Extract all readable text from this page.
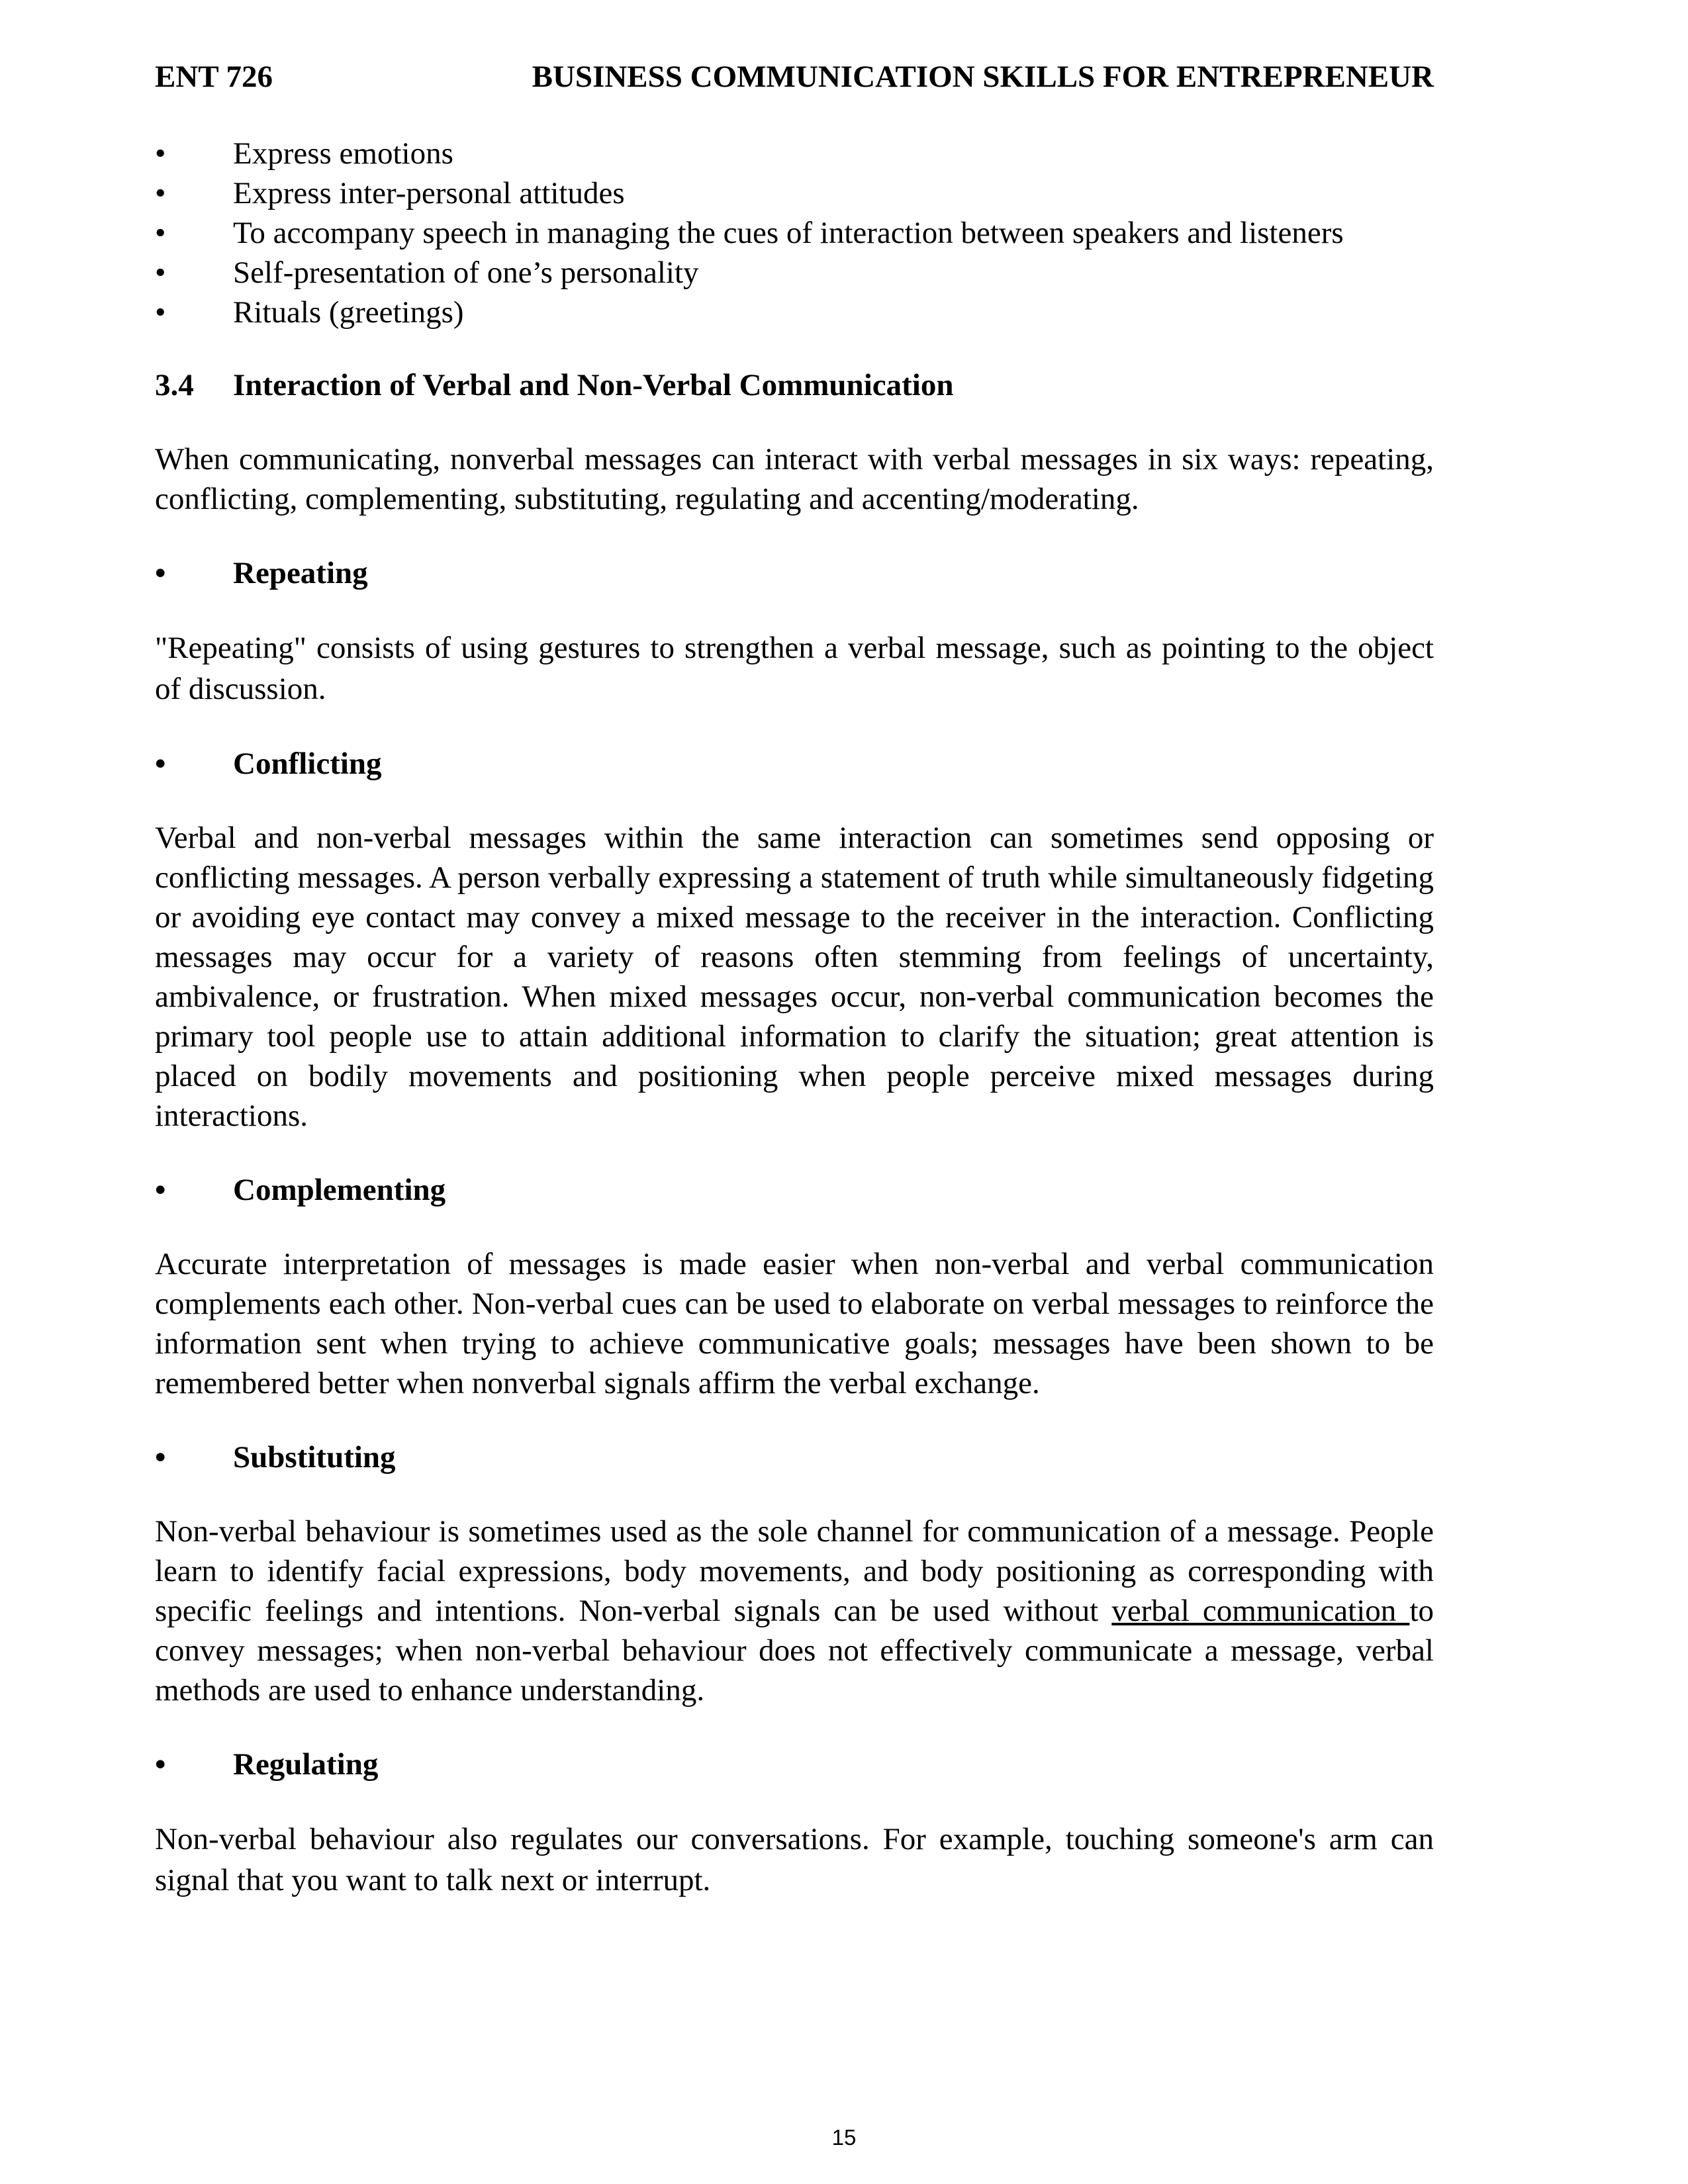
ENT 726	BUSINESS COMMUNICATION SKILLS FOR ENTREPRENEUR
•	Express emotions
•	Express inter-personal attitudes
•	To accompany speech in managing the cues of interaction between speakers and listeners
•	Self-presentation of one’s personality
•	Rituals (greetings)
3.4 Interaction of Verbal and Non-Verbal Communication

When communicating, nonverbal messages can interact with verbal messages in six ways: repeating, conflicting, complementing, substituting, regulating and accenting/moderating.

•	Repeating

"Repeating" consists of using gestures to strengthen a verbal message, such as pointing to the object of discussion.

•	Conflicting

Verbal and non-verbal messages within the same interaction can sometimes send opposing or conflicting messages. A person verbally expressing a statement of truth while simultaneously fidgeting or avoiding eye contact may convey a mixed message to the receiver in the interaction. Conflicting messages may occur for a variety of reasons often stemming from feelings of uncertainty, ambivalence, or frustration. When mixed messages occur, non-verbal communication becomes the primary tool people use to attain additional information to clarify the situation; great attention is placed on bodily movements and positioning when people perceive mixed messages during interactions.

•	Complementing

Accurate interpretation of messages is made easier when non-verbal and verbal communication complements each other. Non-verbal cues can be used to elaborate on verbal messages to reinforce the information sent when trying to achieve communicative goals; messages have been shown to be remembered better when nonverbal signals affirm the verbal exchange.

•	Substituting

Non-verbal behaviour is sometimes used as the sole channel for communication of a message. People learn to identify facial expressions, body movements, and body positioning as corresponding with specific feelings and intentions. Non-verbal signals can be used without verbal communication to convey messages; when non-verbal behaviour does not effectively communicate a message, verbal methods are used to enhance understanding.

•	Regulating

Non-verbal behaviour also regulates our conversations. For example, touching someone's arm can signal that you want to talk next or interrupt.

15
